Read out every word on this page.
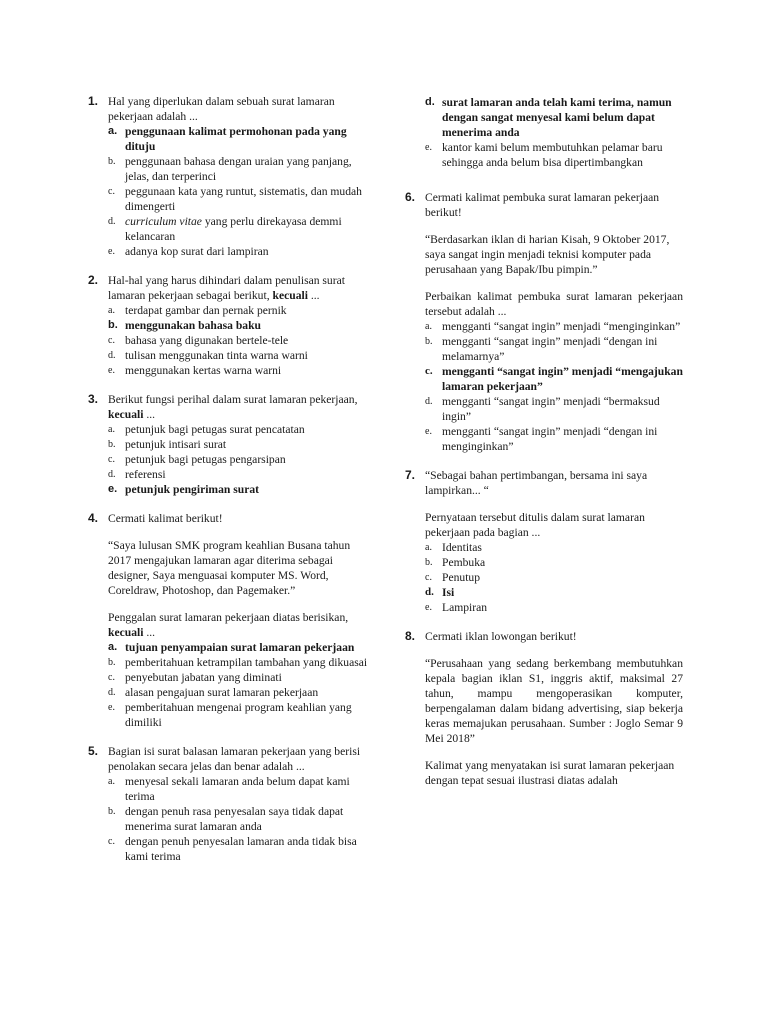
1. Hal yang diperlukan dalam sebuah surat lamaran pekerjaan adalah ...
a. penggunaan kalimat permohonan pada yang dituju
b. penggunaan bahasa dengan uraian yang panjang, jelas, dan terperinci
c. peggunaan kata yang runtut, sistematis, dan mudah dimengerti
d. curriculum vitae yang perlu direkayasa demmi kelancaran
e. adanya kop surat dari lampiran
2. Hal-hal yang harus dihindari dalam penulisan surat lamaran pekerjaan sebagai berikut, kecuali ...
a. terdapat gambar dan pernak pernik
b. menggunakan bahasa baku
c. bahasa yang digunakan bertele-tele
d. tulisan menggunakan tinta warna warni
e. menggunakan kertas warna warni
3. Berikut fungsi perihal dalam surat lamaran pekerjaan, kecuali ...
a. petunjuk bagi petugas surat pencatatan
b. petunjuk intisari surat
c. petunjuk bagi petugas pengarsipan
d. referensi
e. petunjuk pengiriman surat
4. Cermati kalimat berikut!

“Saya lulusan SMK program keahlian Busana tahun 2017 mengajukan lamaran agar diterima sebagai designer, Saya menguasai komputer MS. Word, Coreldraw, Photoshop, dan Pagemaker.”

Penggalan surat lamaran pekerjaan diatas berisikan, kecuali ...

a. tujuan penyampaian surat lamaran pekerjaan
b. pemberitahuan ketrampilan tambahan yang dikuasai
c. penyebutan jabatan yang diminati
d. alasan pengajuan surat lamaran pekerjaan
e. pemberitahuan mengenai program keahlian yang dimiliki
5. Bagian isi surat balasan lamaran pekerjaan yang berisi penolakan secara jelas dan benar adalah ...
a. menyesal sekali lamaran anda belum dapat kami terima
b. dengan penuh rasa penyesalan saya tidak dapat menerima surat lamaran anda
c. dengan penuh penyesalan lamaran anda tidak bisa kami terima
d. surat lamaran anda telah kami terima, namun dengan sangat menyesal kami belum dapat menerima anda
e. kantor kami belum membutuhkan pelamar baru sehingga anda belum bisa dipertimbangkan
6. Cermati kalimat pembuka surat lamaran pekerjaan berikut!

“Berdasarkan iklan di harian Kisah, 9 Oktober 2017, saya sangat ingin menjadi teknisi komputer pada perusahaan yang Bapak/Ibu pimpin.”

Perbaikan kalimat pembuka surat lamaran pekerjaan tersebut adalah ...

a. mengganti “sangat ingin” menjadi “menginginkan”
b. mengganti “sangat ingin” menjadi “dengan ini melamarnya”
c. mengganti “sangat ingin” menjadi “mengajukan lamaran pekerjaan”
d. mengganti “sangat ingin” menjadi “bermaksud ingin”
e. mengganti “sangat ingin” menjadi “dengan ini menginginkan”
7. “Sebagai bahan pertimbangan, bersama ini saya lampirkan... “

Pernyataan tersebut ditulis dalam surat lamaran pekerjaan pada bagian ...

a. Identitas
b. Pembuka
c. Penutup
d. Isi
e. Lampiran
8. Cermati iklan lowongan berikut!

“Perusahaan yang sedang berkembang membutuhkan kepala bagian iklan S1, inggris aktif, maksimal 27 tahun, mampu mengoperasikan komputer, berpengalaman dalam bidang advertising, siap bekerja keras memajukan perusahaan. Sumber : Joglo Semar 9 Mei 2018”

Kalimat yang menyatakan isi surat lamaran pekerjaan dengan tepat sesuai ilustrasi diatas adalah
